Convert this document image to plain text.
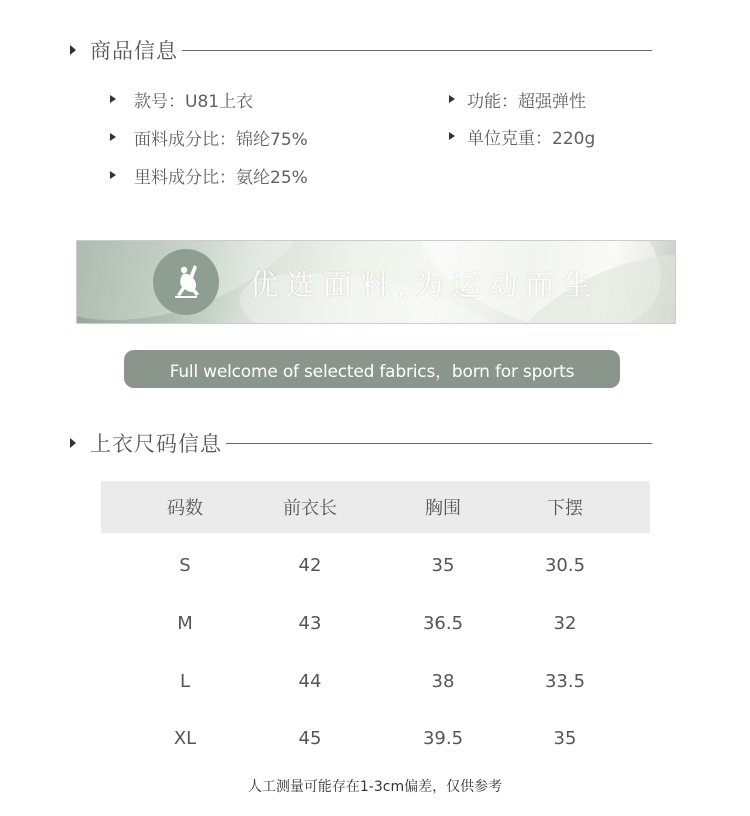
商品信息
款号：U81上衣
面料成分比：锦纶75%
里料成分比：氨纶25%
功能：超强弹性
单位克重：220g
优选面料,为运动而生
Full welcome of selected fabrics，born for sports
上衣尺码信息
码数	前衣长	胸围	下摆
S	42	35	30.5
M	43	36.5	32
L	44	38	33.5
XL	45	39.5	35
人工测量可能存在1-3cm偏差，仅供参考
